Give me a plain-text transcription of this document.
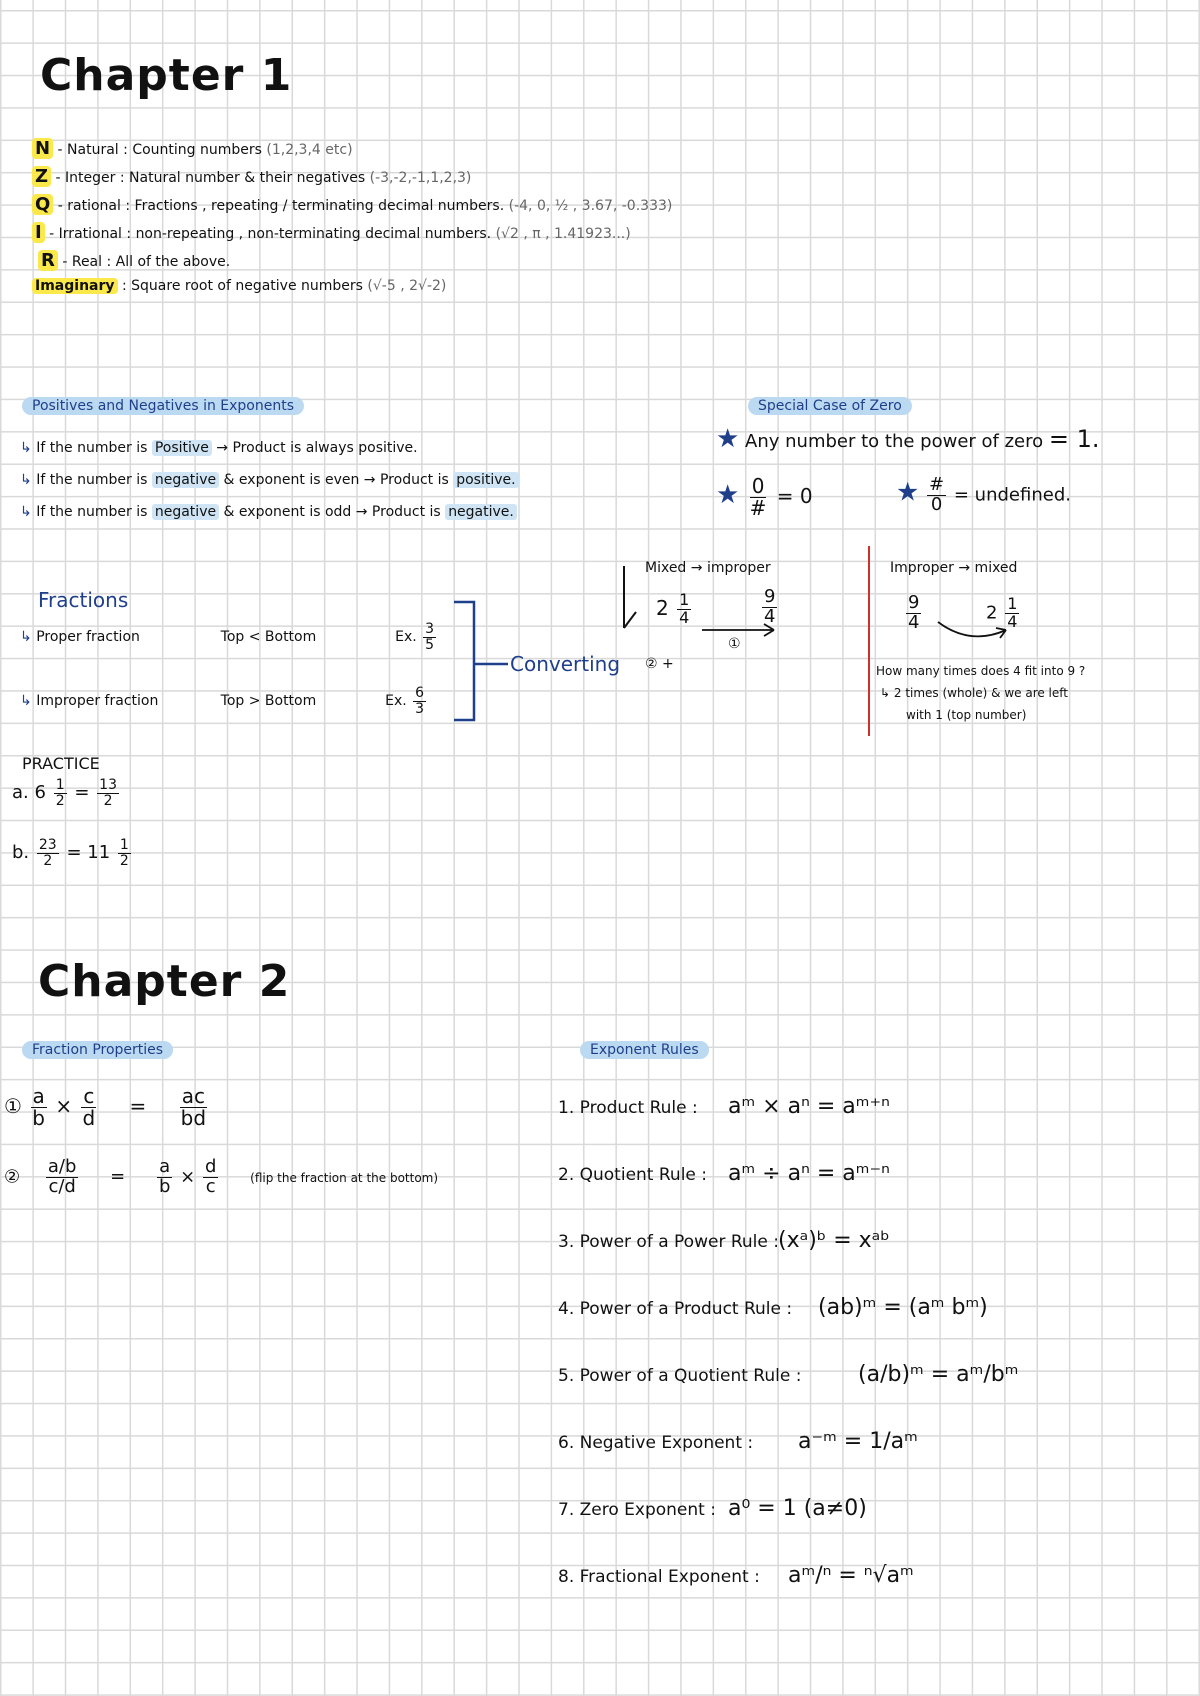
Chapter 1
N - Natural : Counting numbers (1,2,3,4 etc)
Z - Integer : Natural number & their negatives (-3,-2,-1,1,2,3)
Q - rational : Fractions , repeating / terminating decimal numbers. (-4, 0, ½ , 3.67, -0.333)
I - Irrational : non-repeating , non-terminating decimal numbers. (√2 , π , 1.41923...)
R - Real : All of the above.
Imaginary : Square root of negative numbers (√-5 , 2√-2)
Positives and Negatives in Exponents
↳ If the number is Positive → Product is always positive.
↳ If the number is negative & exponent is even → Product is positive.
↳ If the number is negative & exponent is odd → Product is negative.
Special Case of Zero
★ Any number to the power of zero = 1.
★ $\frac{0}{\#} = 0$	★ $\frac{\#}{0}$ = undefined.
Fractions
↳ Proper fraction	Top < Bottom	Ex. $\frac{3}{5}$
↳ Improper fraction	Top > Bottom	Ex. $\frac{6}{3}$
Converting
Mixed → improper
$2 \frac{1}{4}$	$\frac{9}{4}$
①
② +
Improper → mixed
$\frac{9}{4}$	$2 \frac{1}{4}$
How many times does 4 fit into 9 ?
↳ 2 times (whole) & we are left
with 1 (top number)
PRACTICE
a. $6 \frac{1}{2} = \frac{13}{2}$
b. $\frac{23}{2} = 11 \frac{1}{2}$
Chapter 2
Fraction Properties
① $\frac{a}{b} \times \frac{c}{d} = \frac{ac}{bd}$
② $\frac{a/b}{c/d} = \frac{a}{b} \times \frac{d}{c}$	(flip the fraction at the bottom)
Exponent Rules
1. Product Rule : aᵐ × aⁿ = aᵐ⁺ⁿ
2. Quotient Rule : aᵐ ÷ aⁿ = aᵐ⁻ⁿ
3. Power of a Power Rule :(xᵃ)ᵇ = xᵃᵇ
4. Power of a Product Rule : (ab)ᵐ = (aᵐ bᵐ)
5. Power of a Quotient Rule :	(a/b)ᵐ = aᵐ/bᵐ
6. Negative Exponent : a⁻ᵐ = 1/aᵐ
7. Zero Exponent : a⁰ = 1 (a≠0)
8. Fractional Exponent : aᵐ/ⁿ = ⁿ√aᵐ
